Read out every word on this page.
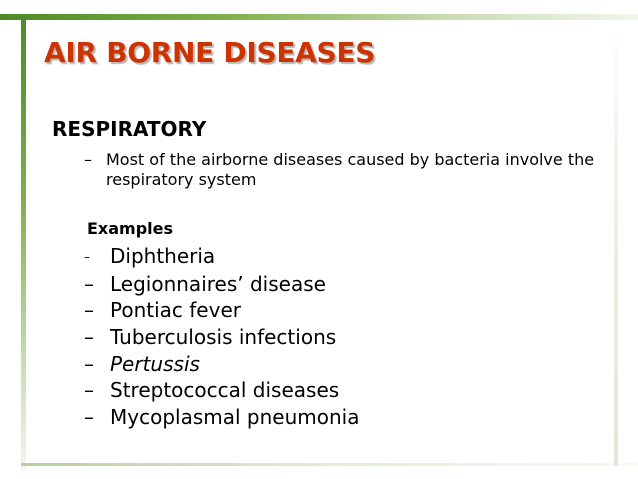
AIR BORNE DISEASES
RESPIRATORY
– Most of the airborne diseases caused by bacteria involve the respiratory system
Examples
– Diphtheria
– Legionnaires’ disease
– Pontiac fever
– Tuberculosis infections
– Pertussis
– Streptococcal diseases
– Mycoplasmal pneumonia
